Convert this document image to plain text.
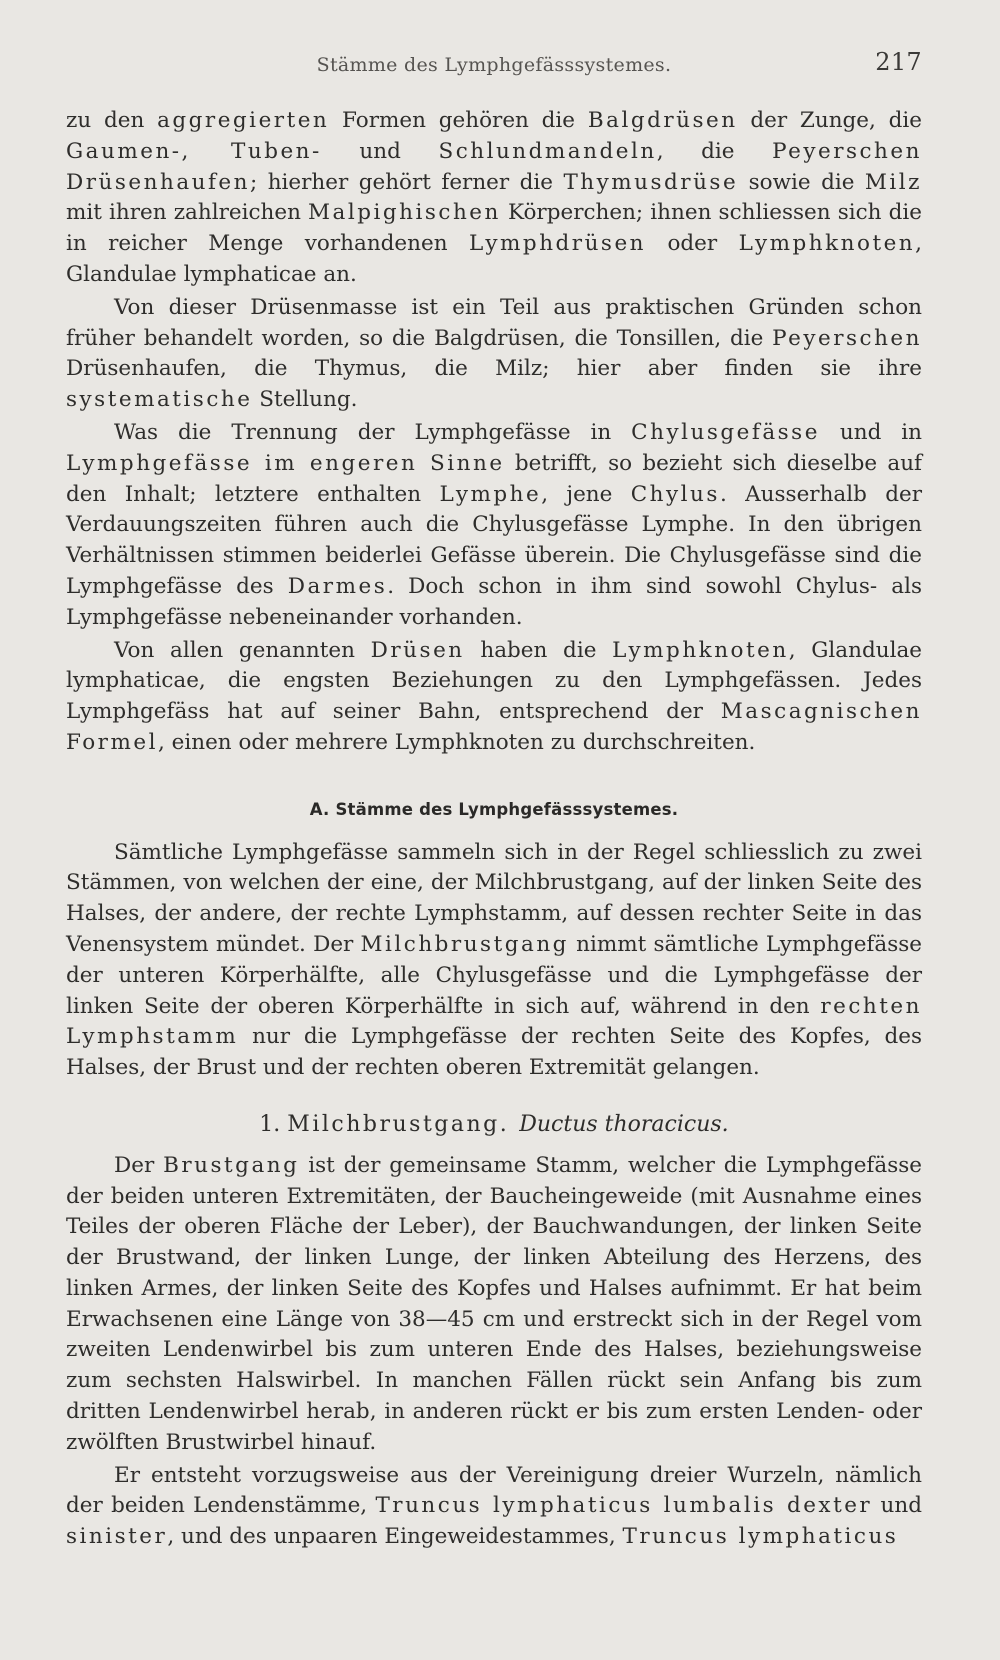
Stämme des Lymphgefässsystemes.	217

zu den aggregierten Formen gehören die Balgdrüsen der Zunge, die Gaumen-, Tuben- und Schlundmandeln, die Peyerschen Drüsenhaufen; hierher gehört ferner die Thymusdrüse sowie die Milz mit ihren zahlreichen Malpighischen Körperchen; ihnen schliessen sich die in reicher Menge vorhandenen Lymphdrüsen oder Lymphknoten, Glandulae lymphaticae an.

Von dieser Drüsenmasse ist ein Teil aus praktischen Gründen schon früher behandelt worden, so die Balgdrüsen, die Tonsillen, die Peyerschen Drüsenhaufen, die Thymus, die Milz; hier aber finden sie ihre systematische Stellung.

Was die Trennung der Lymphgefässe in Chylusgefässe und in Lymphgefässe im engeren Sinne betrifft, so bezieht sich dieselbe auf den Inhalt; letztere enthalten Lymphe, jene Chylus. Ausserhalb der Verdauungszeiten führen auch die Chylusgefässe Lymphe. In den übrigen Verhältnissen stimmen beiderlei Gefässe überein. Die Chylusgefässe sind die Lymphgefässe des Darmes. Doch schon in ihm sind sowohl Chylus- als Lymphgefässe nebeneinander vorhanden.

Von allen genannten Drüsen haben die Lymphknoten, Glandulae lymphaticae, die engsten Beziehungen zu den Lymphgefässen. Jedes Lymphgefäss hat auf seiner Bahn, entsprechend der Mascagnischen Formel, einen oder mehrere Lymphknoten zu durchschreiten.

A. Stämme des Lymphgefässsystemes.

Sämtliche Lymphgefässe sammeln sich in der Regel schliesslich zu zwei Stämmen, von welchen der eine, der Milchbrustgang, auf der linken Seite des Halses, der andere, der rechte Lymphstamm, auf dessen rechter Seite in das Venensystem mündet. Der Milchbrustgang nimmt sämtliche Lymphgefässe der unteren Körperhälfte, alle Chylusgefässe und die Lymphgefässe der linken Seite der oberen Körperhälfte in sich auf, während in den rechten Lymphstamm nur die Lymphgefässe der rechten Seite des Kopfes, des Halses, der Brust und der rechten oberen Extremität gelangen.

1. Milchbrustgang. Ductus thoracicus.

Der Brustgang ist der gemeinsame Stamm, welcher die Lymphgefässe der beiden unteren Extremitäten, der Baucheingeweide (mit Ausnahme eines Teiles der oberen Fläche der Leber), der Bauchwandungen, der linken Seite der Brustwand, der linken Lunge, der linken Abteilung des Herzens, des linken Armes, der linken Seite des Kopfes und Halses aufnimmt. Er hat beim Erwachsenen eine Länge von 38—45 cm und erstreckt sich in der Regel vom zweiten Lendenwirbel bis zum unteren Ende des Halses, beziehungsweise zum sechsten Halswirbel. In manchen Fällen rückt sein Anfang bis zum dritten Lendenwirbel herab, in anderen rückt er bis zum ersten Lenden- oder zwölften Brustwirbel hinauf.

Er entsteht vorzugsweise aus der Vereinigung dreier Wurzeln, nämlich der beiden Lendenstämme, Truncus lymphaticus lumbalis dexter und sinister, und des unpaaren Eingeweidestammes, Truncus lymphaticus
